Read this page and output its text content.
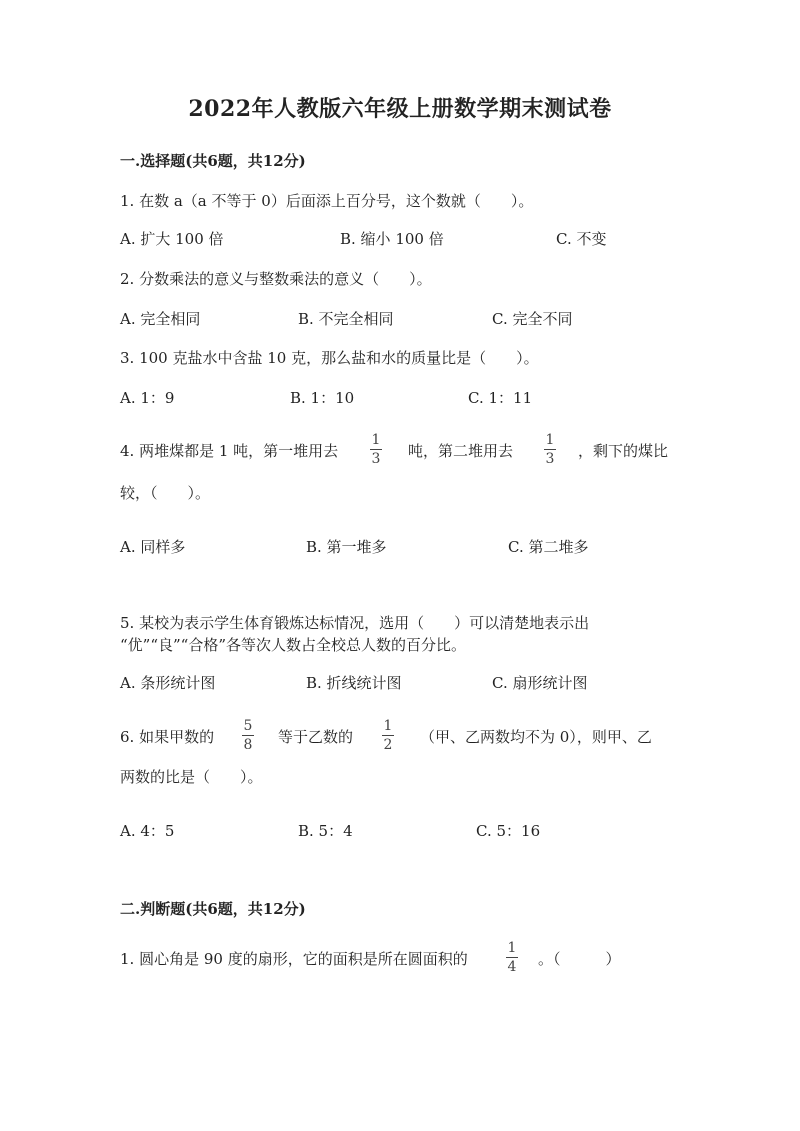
2022年人教版六年级上册数学期末测试卷
一.选择题(共6题，共12分)
1. 在数 a（a 不等于 0）后面添上百分号，这个数就（　　）。
A. 扩大 100 倍	B. 缩小 100 倍	C. 不变
2. 分数乘法的意义与整数乘法的意义（　　）。
A. 完全相同	B. 不完全相同	C. 完全不同
3. 100 克盐水中含盐 10 克，那么盐和水的质量比是（　　）。
A. 1：9	B. 1：10	C. 1：11
4. 两堆煤都是 1 吨，第一堆用去
1
3 吨，第二堆用去
1
3 ，剩下的煤比
较，（　　）。
A. 同样多	B. 第一堆多	C. 第二堆多
5. 某校为表示学生体育锻炼达标情况，选用（　　）可以清楚地表示出
“优”“良”“合格”各等次人数占全校总人数的百分比。
A. 条形统计图	B. 折线统计图	C. 扇形统计图
6. 如果甲数的
5
8 等于乙数的
1
2 （甲、乙两数均不为 0），则甲、乙
两数的比是（　　）。
A. 4：5	B. 5：4	C. 5：16
二.判断题(共6题，共12分)
1. 圆心角是 90 度的扇形，它的面积是所在圆面积的
1
4 。（　　　）
